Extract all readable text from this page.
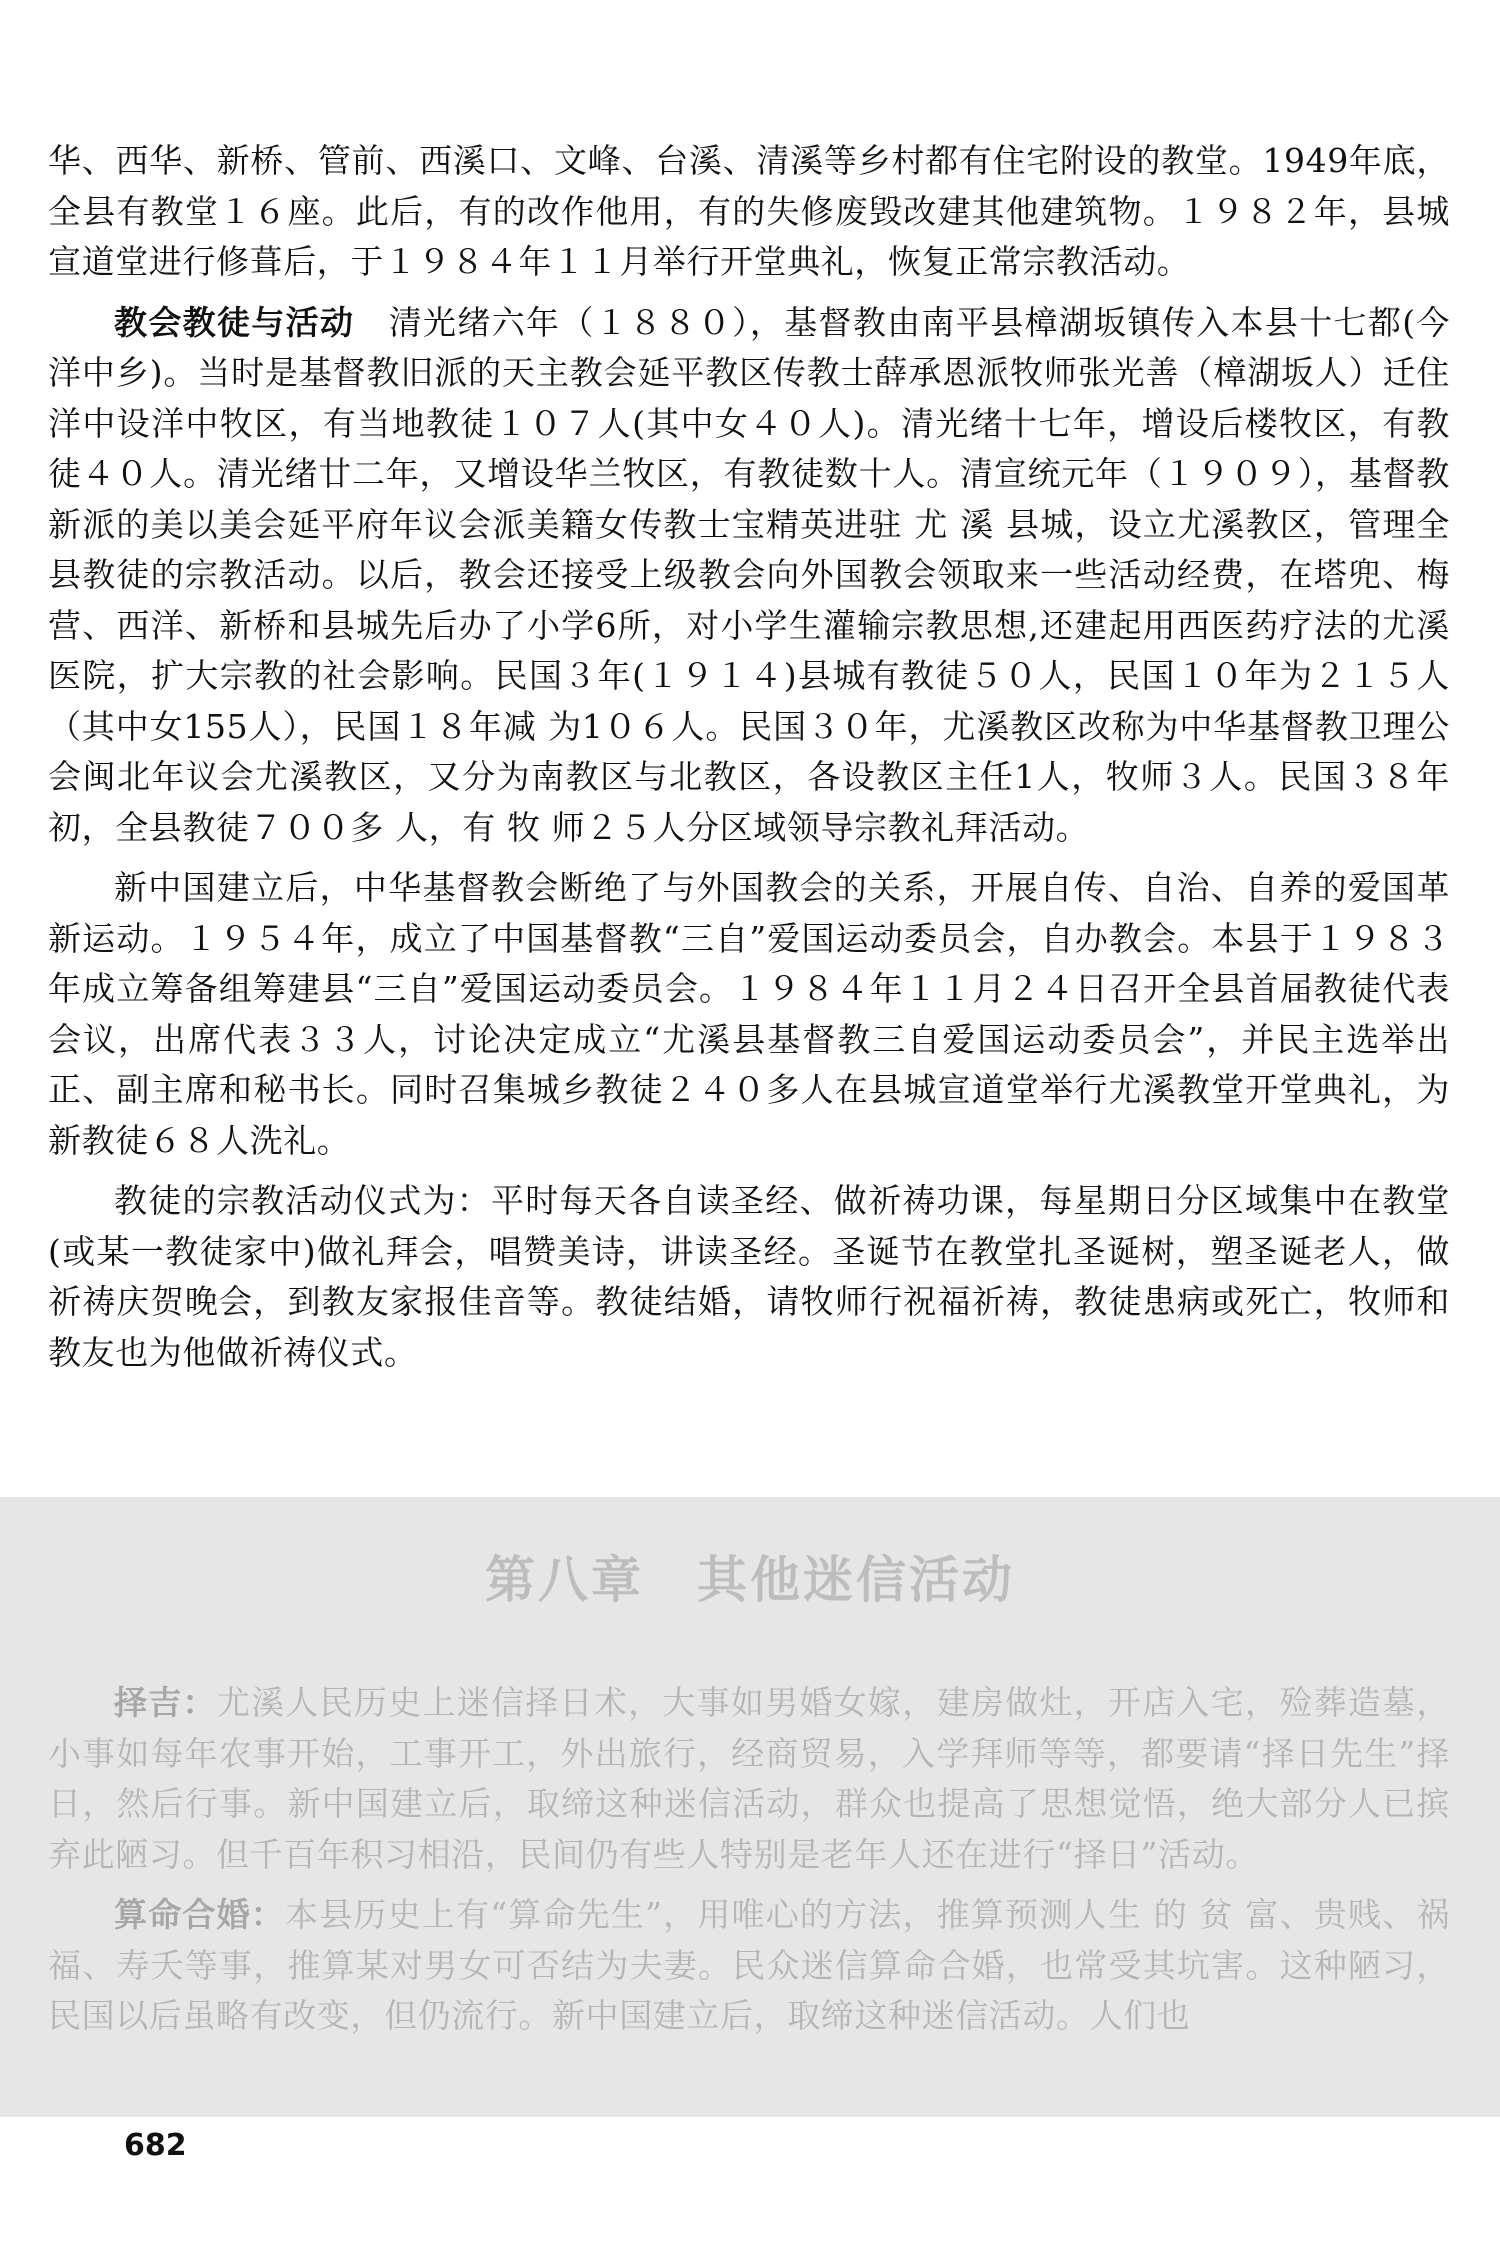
华、西华、新桥、管前、西溪口、文峰、台溪、清溪等乡村都有住宅附设的教堂。1949年底，全县有教堂１６座。此后，有的改作他用，有的失修废毁改建其他建筑物。１９８２年，县城宣道堂进行修葺后，于１９８４年１１月举行开堂典礼，恢复正常宗教活动。

教会教徒与活动　 清光绪六年（１８８０），基督教由南平县樟湖坂镇传入本县十七都(今洋中乡)。当时是基督教旧派的天主教会延平教区传教士薛承恩派牧师张光善（樟湖坂人）迁住洋中设洋中牧区，有当地教徒１０７人(其中女４０人)。清光绪十七年，增设后楼牧区，有教徒４０人。清光绪廿二年，又增设华兰牧区，有教徒数十人。清宣统元年（１９０９），基督教新派的美以美会延平府年议会派美籍女传教士宝精英进驻 尤 溪 县城，设立尤溪教区，管理全县教徒的宗教活动。以后，教会还接受上级教会向外国教会领取来一些活动经费，在塔兜、梅营、西洋、新桥和县城先后办了小学6所，对小学生灌输宗教思想,还建起用西医药疗法的尤溪医院，扩大宗教的社会影响。民国３年(１９１４)县城有教徒５０人，民国１０年为２１５人（其中女155人），民国１８年减 为1０６人。民国３０年，尤溪教区改称为中华基督教卫理公会闽北年议会尤溪教区，又分为南教区与北教区，各设教区主任1人，牧师３人。民国３８年初，全县教徒７００多 人，有 牧 师２５人分区域领导宗教礼拜活动。

新中国建立后，中华基督教会断绝了与外国教会的关系，开展自传、自治、自养的爱国革新运动。１９５４年，成立了中国基督教“三自”爱国运动委员会，自办教会。本县于１９８３年成立筹备组筹建县“三自”爱国运动委员会。１９８４年１１月２４日召开全县首届教徒代表会议，出席代表３３人，讨论决定成立“尤溪县基督教三自爱国运动委员会”，并民主选举出正、副主席和秘书长。同时召集城乡教徒２４０多人在县城宣道堂举行尤溪教堂开堂典礼，为新教徒６８人洗礼。

教徒的宗教活动仪式为：平时每天各自读圣经、做祈祷功课，每星期日分区域集中在教堂(或某一教徒家中)做礼拜会，唱赞美诗，讲读圣经。圣诞节在教堂扎圣诞树，塑圣诞老人，做祈祷庆贺晚会，到教友家报佳音等。教徒结婚，请牧师行祝福祈祷，教徒患病或死亡，牧师和教友也为他做祈祷仪式。

第八章　其他迷信活动

择吉：尤溪人民历史上迷信择日术，大事如男婚女嫁，建房做灶，开店入宅，殓葬造墓，小事如每年农事开始，工事开工，外出旅行，经商贸易，入学拜师等等，都要请“择日先生”择日，然后行事。新中国建立后，取缔这种迷信活动，群众也提高了思想觉悟，绝大部分人已摈弃此陋习。但千百年积习相沿，民间仍有些人特别是老年人还在进行“择日”活动。

算命合婚：本县历史上有“算命先生”，用唯心的方法，推算预测人生 的 贫 富、贵贱、祸福、寿夭等事，推算某对男女可否结为夫妻。民众迷信算命合婚，也常受其坑害。这种陋习，民国以后虽略有改变，但仍流行。新中国建立后，取缔这种迷信活动。人们也

682
